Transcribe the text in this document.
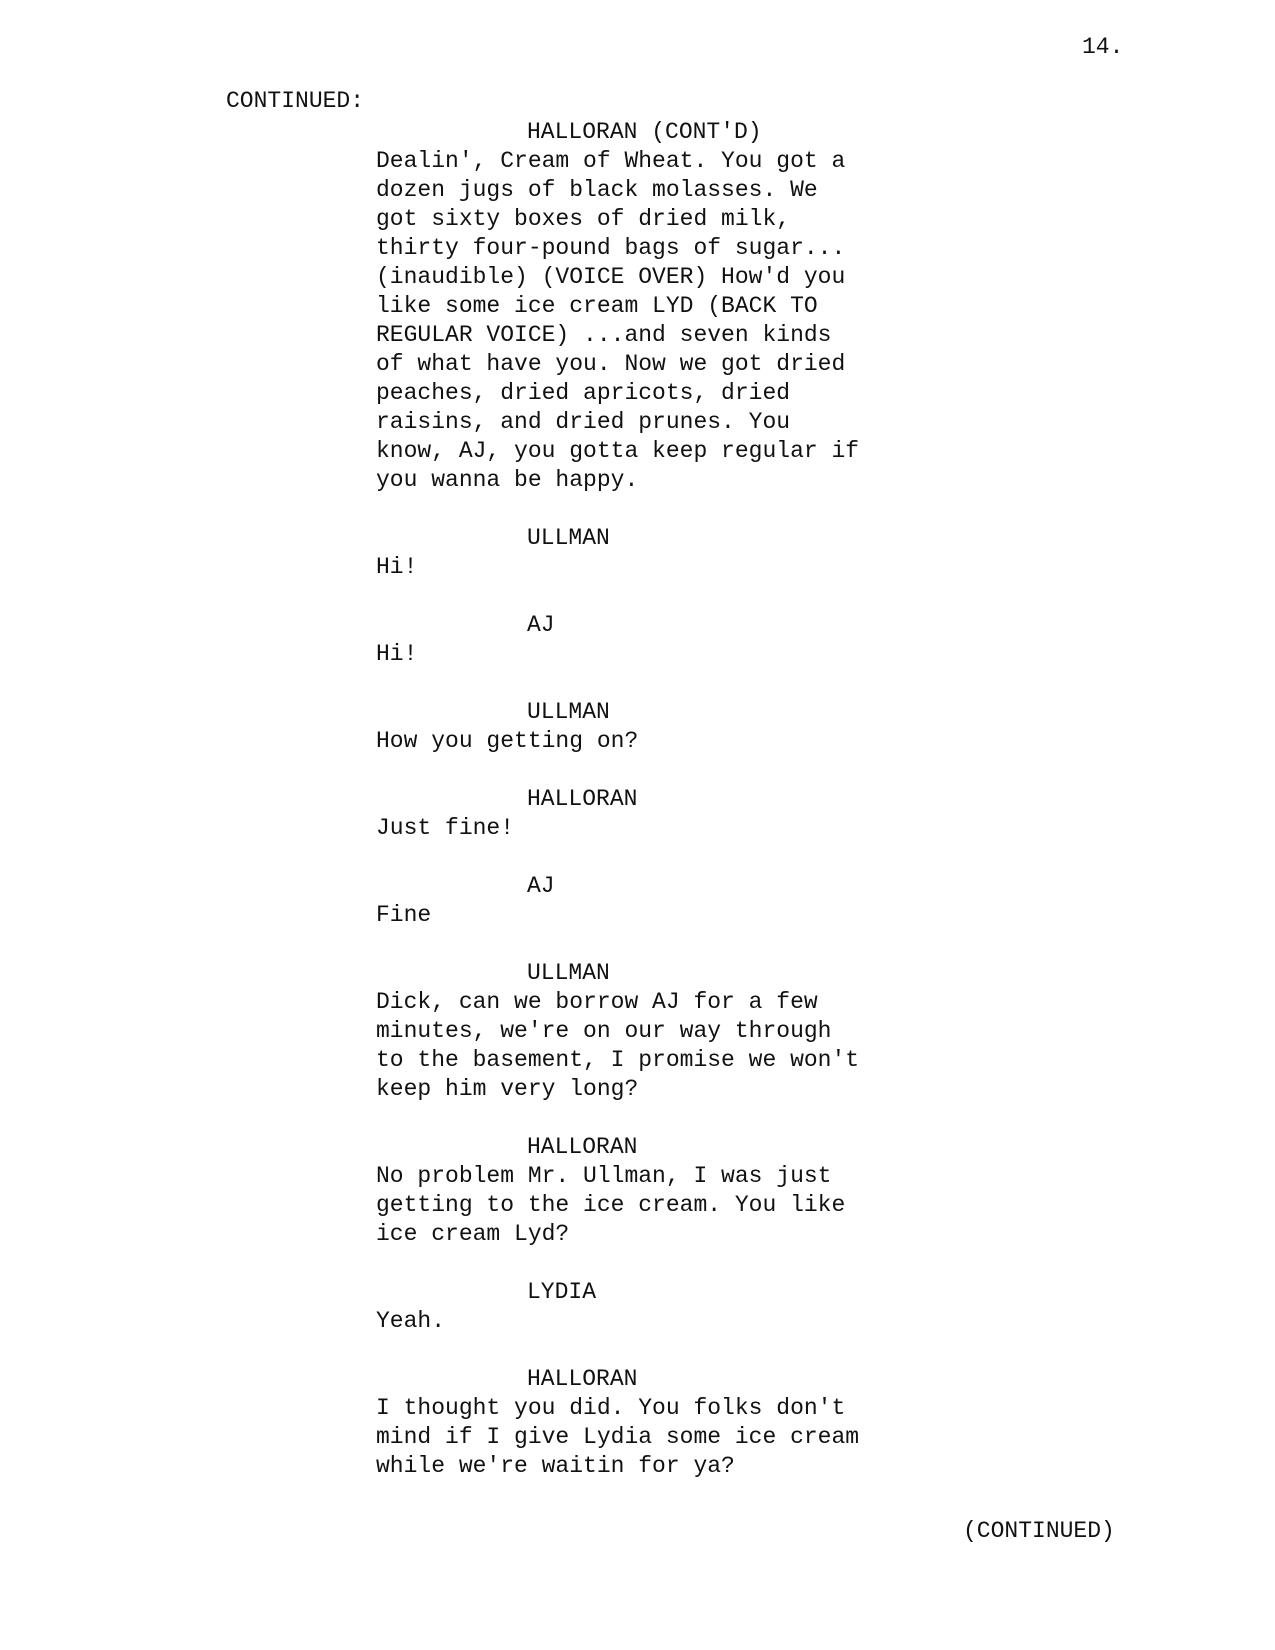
14.
CONTINUED:
HALLORAN (CONT'D)
Dealin', Cream of Wheat. You got a
dozen jugs of black molasses. We
got sixty boxes of dried milk,
thirty four-pound bags of sugar...
(inaudible) (VOICE OVER) How'd you
like some ice cream LYD (BACK TO
REGULAR VOICE) ...and seven kinds
of what have you. Now we got dried
peaches, dried apricots, dried
raisins, and dried prunes. You
know, AJ, you gotta keep regular if
you wanna be happy.
ULLMAN
Hi!
AJ
Hi!
ULLMAN
How you getting on?
HALLORAN
Just fine!
AJ
Fine
ULLMAN
Dick, can we borrow AJ for a few
minutes, we're on our way through
to the basement, I promise we won't
keep him very long?
HALLORAN
No problem Mr. Ullman, I was just
getting to the ice cream. You like
ice cream Lyd?
LYDIA
Yeah.
HALLORAN
I thought you did. You folks don't
mind if I give Lydia some ice cream
while we're waitin for ya?
(CONTINUED)
